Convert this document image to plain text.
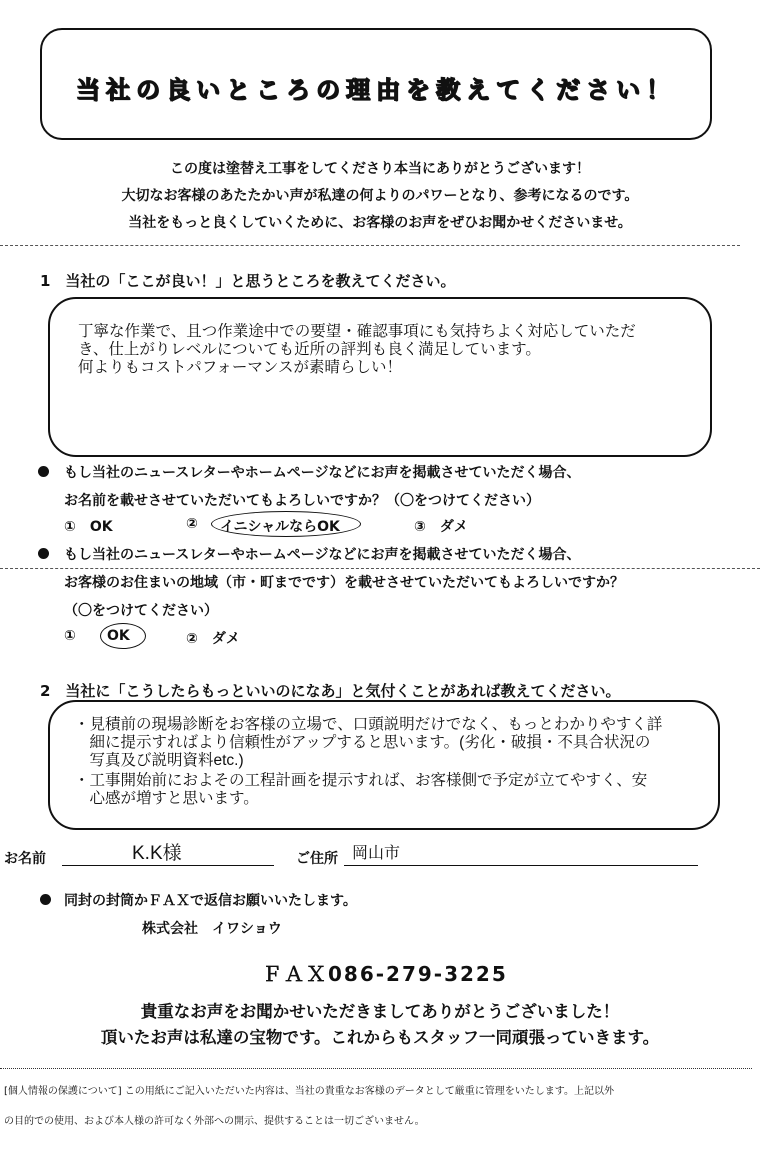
当社の良いところの理由を教えてください！
この度は塗替え工事をしてくださり本当にありがとうございます！
大切なお客様のあたたかい声が私達の何よりのパワーとなり、参考になるのです。
当社をもっと良くしていくために、お客様のお声をぜひお聞かせくださいませ。
1　当社の「ここが良い！」と思うところを教えてください。
丁寧な作業で、且つ作業途中での要望・確認事項にも気持ちよく対応していただ
き、仕上がりレベルについても近所の評判も良く満足しています。
何よりもコストパフォーマンスが素晴らしい！
もし当社のニュースレターやホームページなどにお声を掲載させていただく場合、
お名前を載せさせていただいてもよろしいですか？（〇をつけてください）
①　OK	② イニシャルならOK	③　ダメ
もし当社のニュースレターやホームページなどにお声を掲載させていただく場合、
お客様のお住まいの地域（市・町までです）を載せさせていただいてもよろしいですか？
（〇をつけてください）
① OK	②　ダメ
2　当社に「こうしたらもっといいのになあ」と気付くことがあれば教えてください。
・見積前の現場診断をお客様の立場で、口頭説明だけでなく、もっとわかりやすく詳
　細に提示すればより信頼性がアップすると思います。(劣化・破損・不具合状況の
　写真及び説明資料etc.)
・工事開始前におよその工程計画を提示すれば、お客様側で予定が立てやすく、安
　心感が増すと思います。
お名前	K.K様	ご住所 岡山市
同封の封筒かＦＡＸで返信お願いいたします。
株式会社　イワショウ
ＦＡＸ086-279-3225
貴重なお声をお聞かせいただきましてありがとうございました！
頂いたお声は私達の宝物です。これからもスタッフ一同頑張っていきます。
[個人情報の保護について] この用紙にご記入いただいた内容は、当社の貴重なお客様のデータとして厳重に管理をいたします。上記以外
の目的での使用、および本人様の許可なく外部への開示、提供することは一切ございません。
